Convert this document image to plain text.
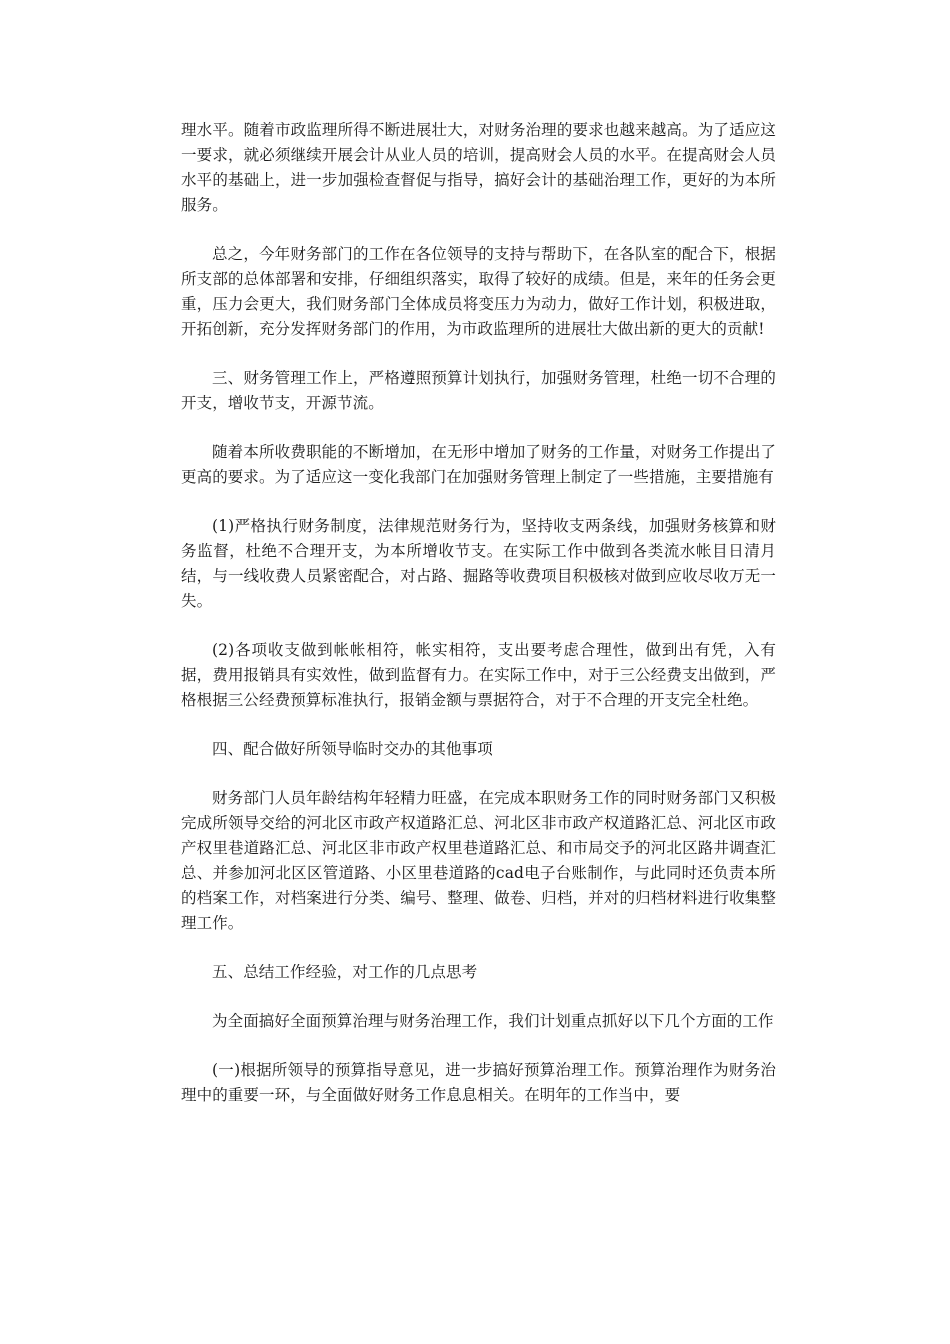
理水平。随着市政监理所得不断进展壮大，对财务治理的要求也越来越高。为了适应这一要求，就必须继续开展会计从业人员的培训，提高财会人员的水平。在提高财会人员水平的基础上，进一步加强检查督促与指导，搞好会计的基础治理工作，更好的为本所服务。

总之，今年财务部门的工作在各位领导的支持与帮助下，在各队室的配合下，根据所支部的总体部署和安排，仔细组织落实，取得了较好的成绩。但是，来年的任务会更重，压力会更大，我们财务部门全体成员将变压力为动力，做好工作计划，积极进取，开拓创新，充分发挥财务部门的作用，为市政监理所的进展壮大做出新的更大的贡献!

三、财务管理工作上，严格遵照预算计划执行，加强财务管理，杜绝一切不合理的开支，增收节支，开源节流。

随着本所收费职能的不断增加，在无形中增加了财务的工作量，对财务工作提出了更高的要求。为了适应这一变化我部门在加强财务管理上制定了一些措施，主要措施有

(1)严格执行财务制度，法律规范财务行为，坚持收支两条线，加强财务核算和财务监督，杜绝不合理开支，为本所增收节支。在实际工作中做到各类流水帐目日清月结，与一线收费人员紧密配合，对占路、掘路等收费项目积极核对做到应收尽收万无一失。

(2)各项收支做到帐帐相符，帐实相符，支出要考虑合理性，做到出有凭，入有据，费用报销具有实效性，做到监督有力。在实际工作中，对于三公经费支出做到，严格根据三公经费预算标准执行，报销金额与票据符合，对于不合理的开支完全杜绝。

四、配合做好所领导临时交办的其他事项

财务部门人员年龄结构年轻精力旺盛，在完成本职财务工作的同时财务部门又积极完成所领导交给的河北区市政产权道路汇总、河北区非市政产权道路汇总、河北区市政产权里巷道路汇总、河北区非市政产权里巷道路汇总、和市局交予的河北区路井调查汇总、并参加河北区区管道路、小区里巷道路的cad电子台账制作，与此同时还负责本所的档案工作，对档案进行分类、编号、整理、做卷、归档，并对的归档材料进行收集整理工作。

五、总结工作经验，对工作的几点思考

为全面搞好全面预算治理与财务治理工作，我们计划重点抓好以下几个方面的工作

(一)根据所领导的预算指导意见，进一步搞好预算治理工作。预算治理作为财务治理中的重要一环，与全面做好财务工作息息相关。在明年的工作当中，要
